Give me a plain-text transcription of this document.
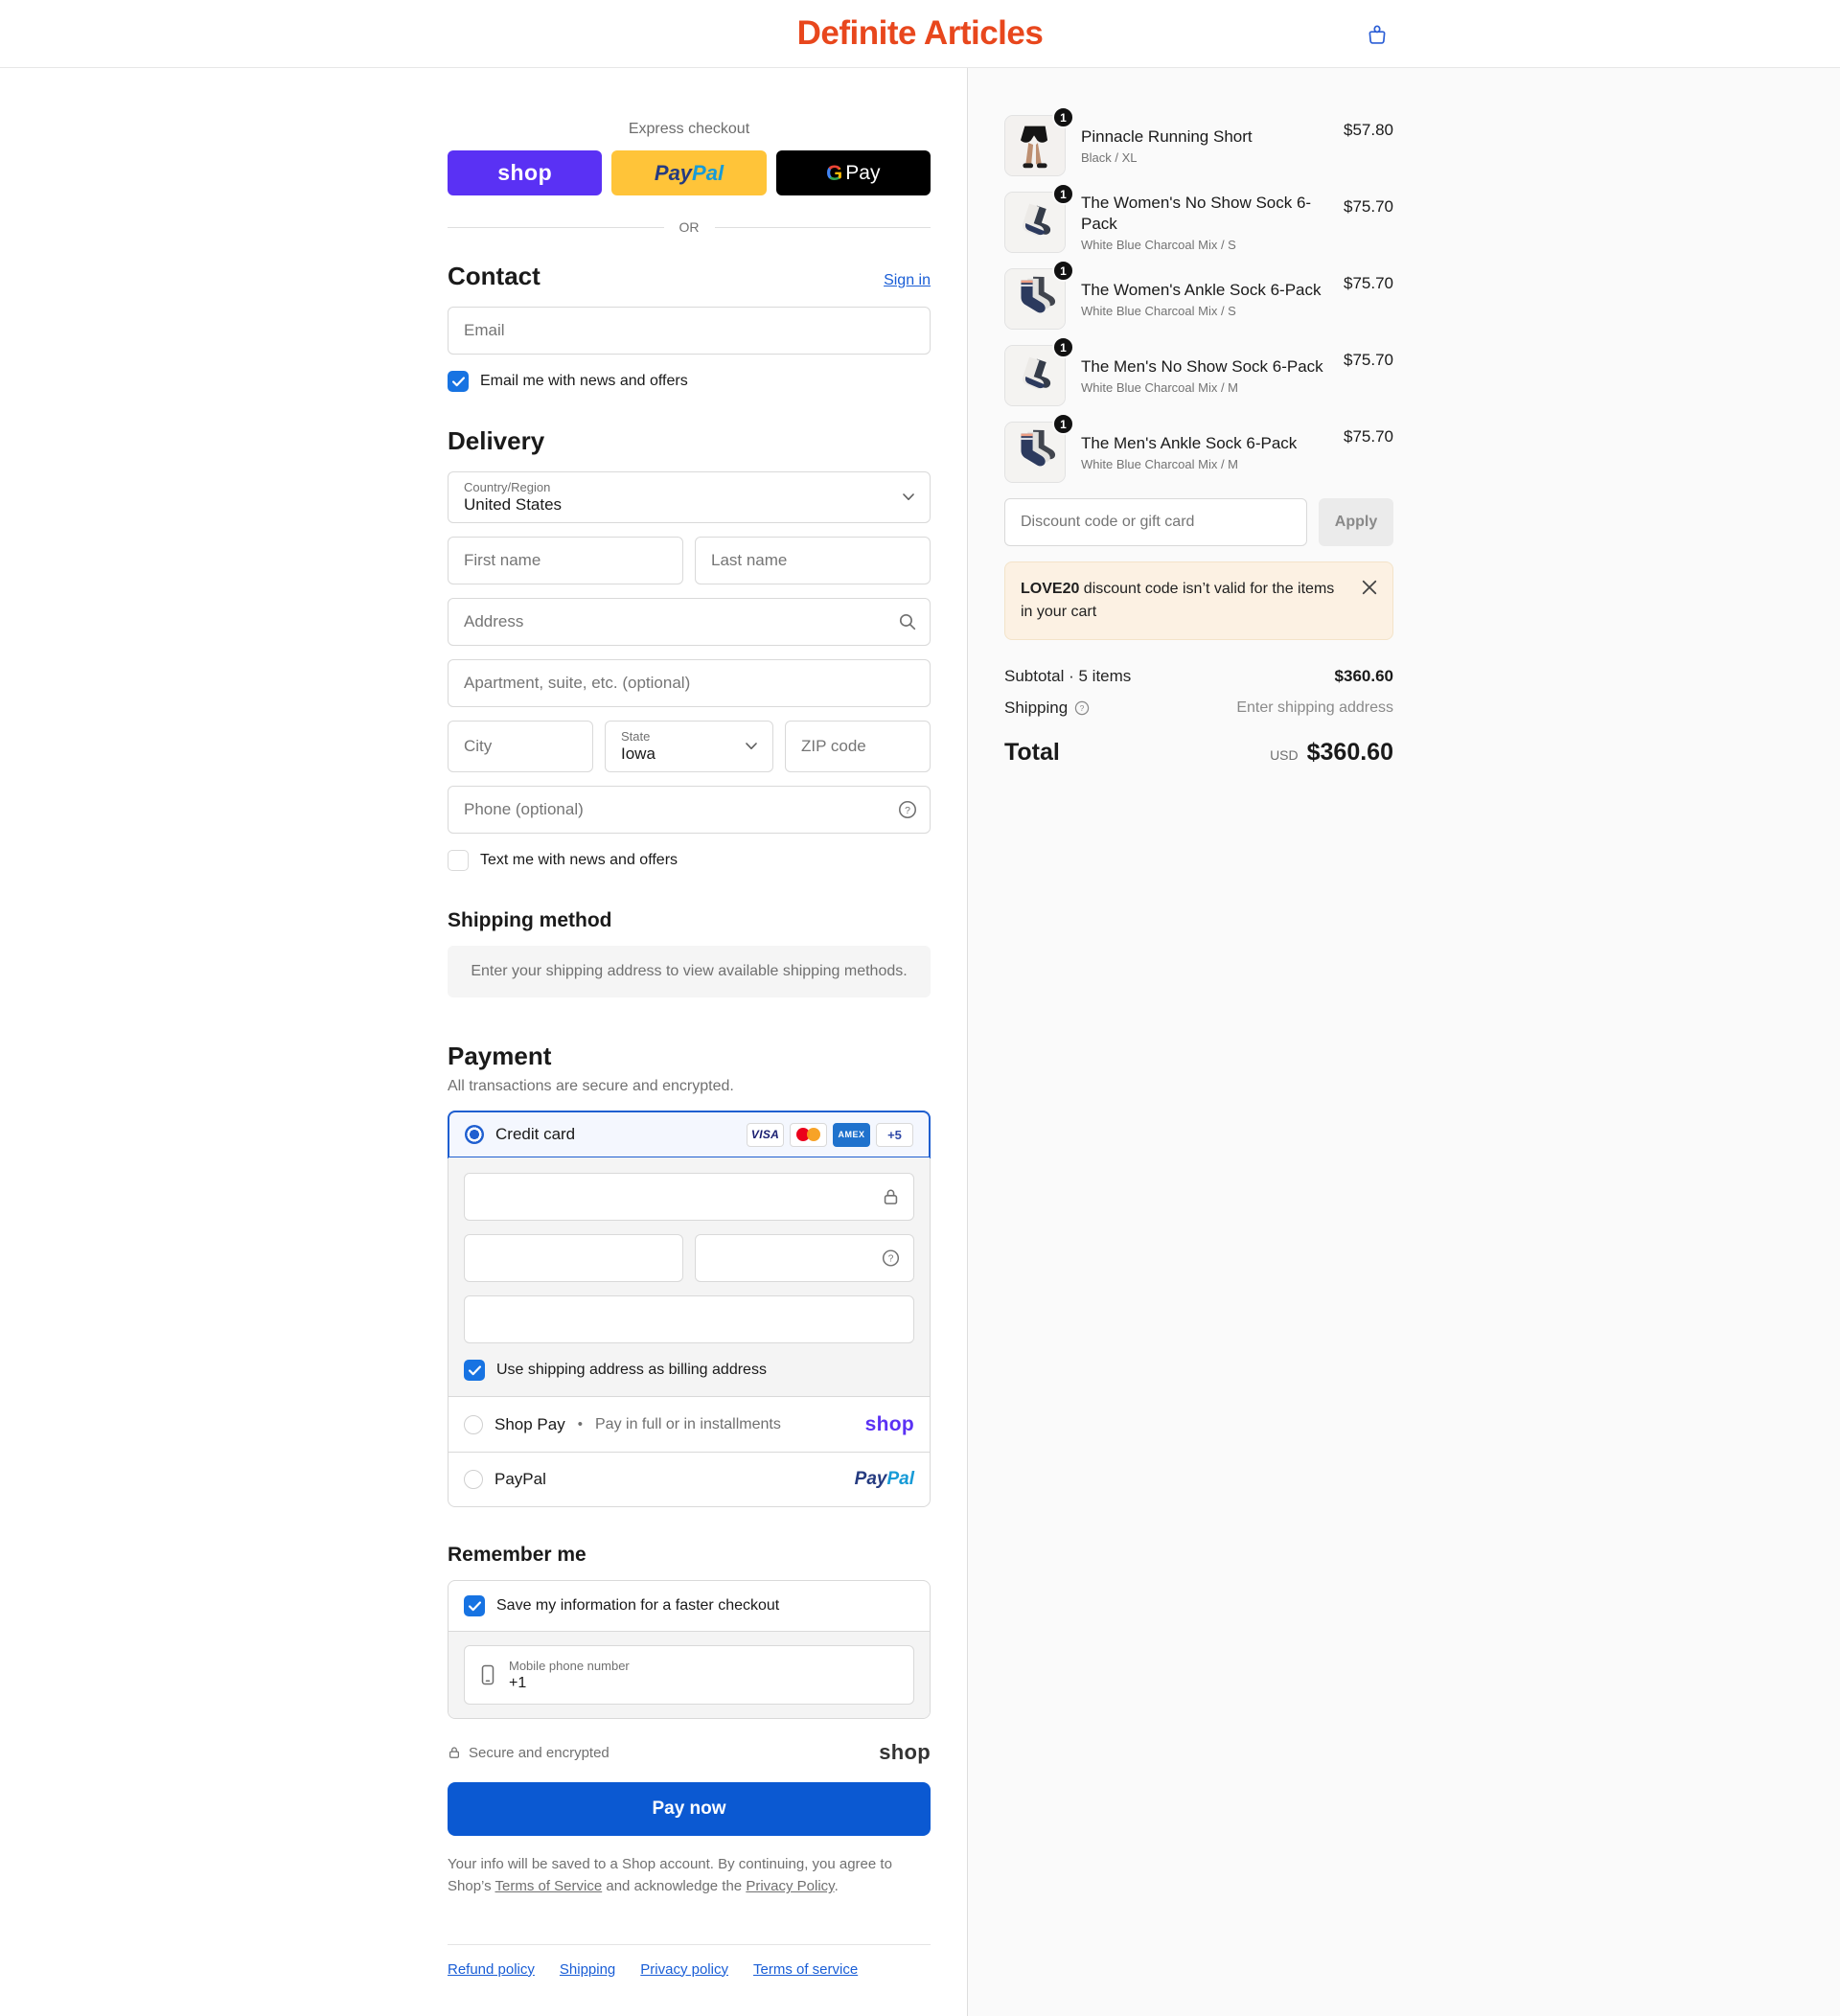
Definite Articles
Express checkout
shop	Pay Pal	G Pay
OR
Contact	Sign in
Email
Email me with news and offers
Delivery
Country/Region
United States
First name
Last name
Address
Apartment, suite, etc. (optional)
City
State
Iowa
ZIP code
Phone (optional)
?
Text me with news and offers
Shipping method
Enter your shipping address to view available shipping methods.
Payment
All transactions are secure and encrypted.
Credit card	VISA	AMEX +5
?
Use shipping address as billing address
Shop Pay • Pay in full or in installments	shop
PayPal	PayPal
Remember me
Save my information for a faster checkout
Mobile phone number
+1
Secure and encrypted	shop
Pay now

Your info will be saved to a Shop account. By continuing, you agree to Shop’s Terms of Service and acknowledge the Privacy Policy.

Refund policy Shipping Privacy policy Terms of service
1
Pinnacle Running Short
Black / XL
$57.80
1 The Women's No Show Sock 6-Pack
White Blue Charcoal Mix / S
$75.70
1
The Women's Ankle Sock 6-Pack
White Blue Charcoal Mix / S
$75.70
1
The Men's No Show Sock 6-Pack
White Blue Charcoal Mix / M
$75.70
1
The Men's Ankle Sock 6-Pack
White Blue Charcoal Mix / M
$75.70
Discount code or gift card
Apply
LOVE20 discount code isn’t valid for the items in your cart
Subtotal · 5 items	$360.60
Shipping ?	Enter shipping address
Total	USD $360.60
